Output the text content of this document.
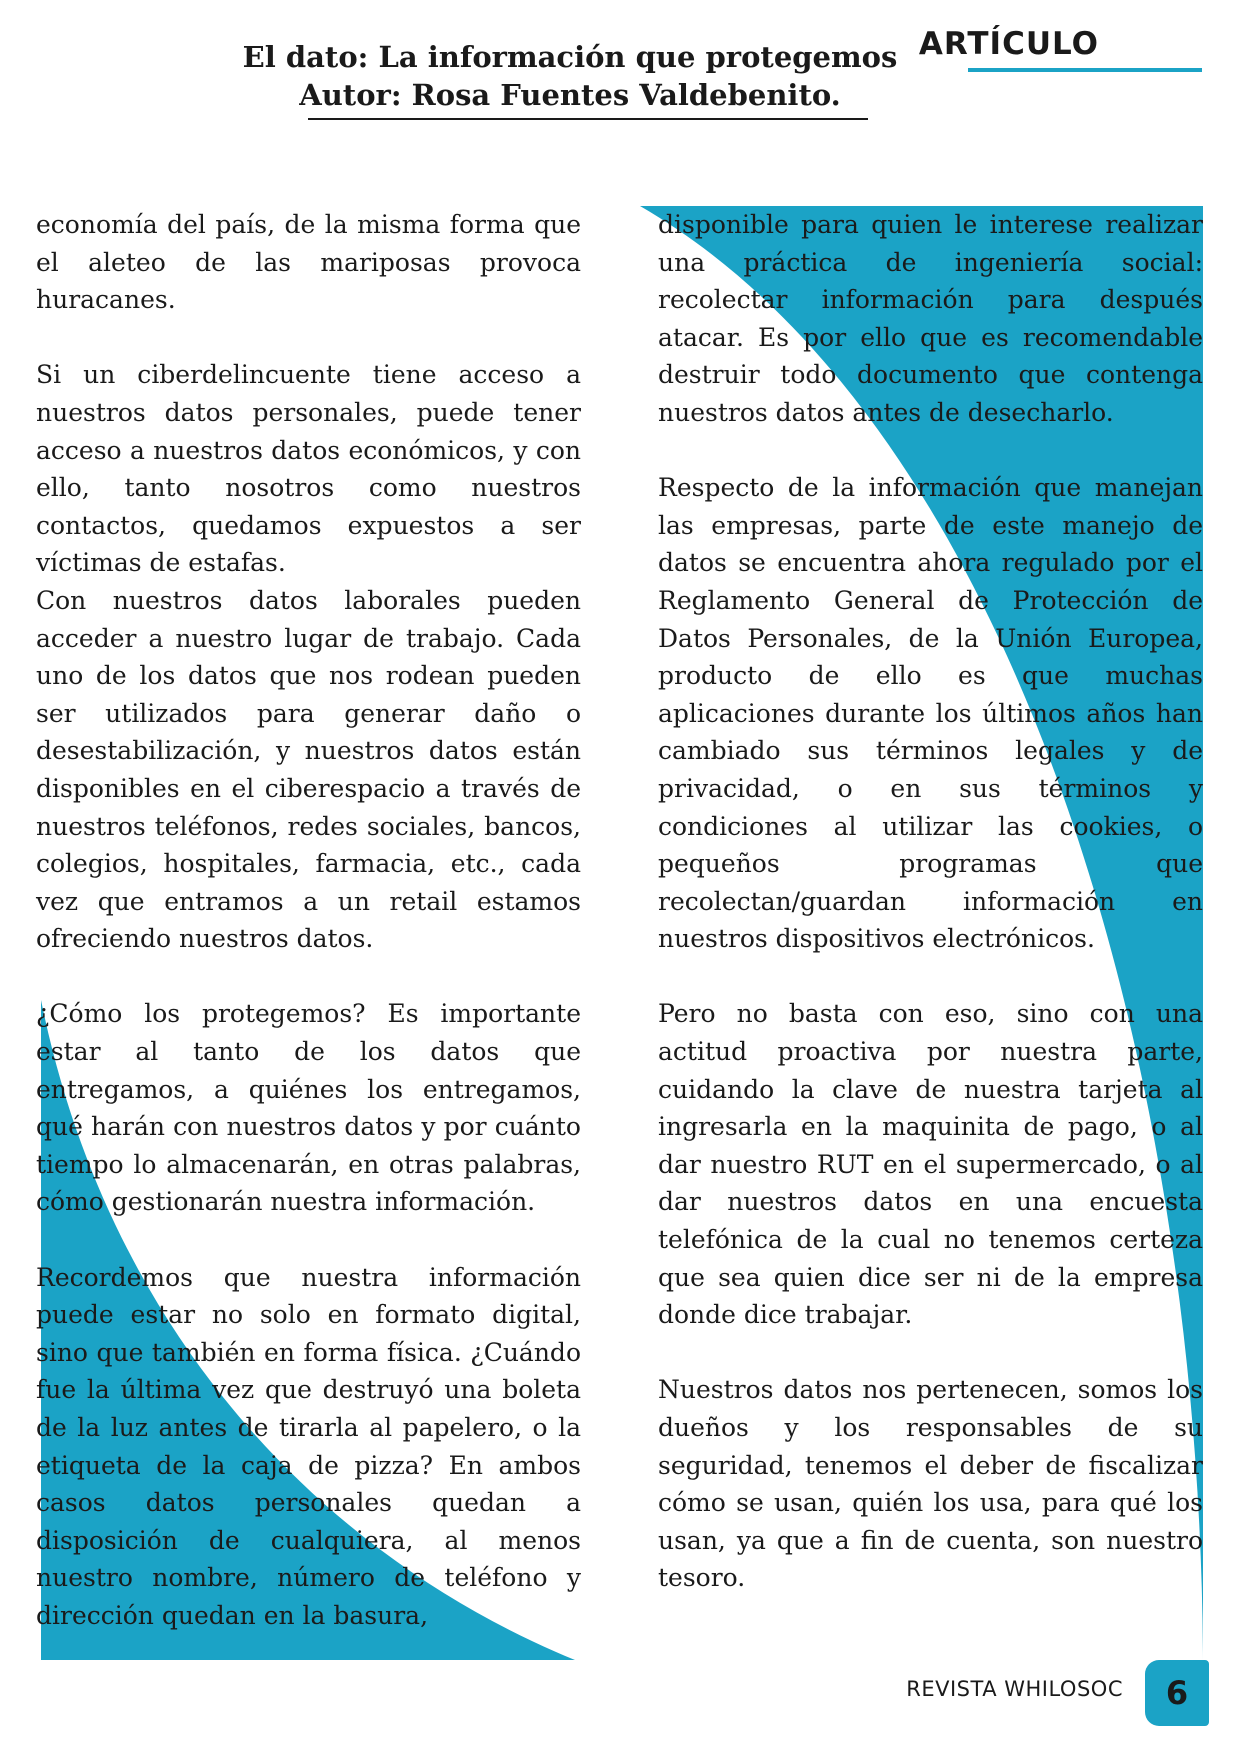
ARTÍCULO
El dato: La información que protegemos
Autor: Rosa Fuentes Valdebenito.

economía del país, de la misma forma que el aleteo de las mariposas provoca huracanes.

Si un ciberdelincuente tiene acceso a nuestros datos personales, puede tener acceso a nuestros datos económicos, y con ello, tanto nosotros como nuestros contactos, quedamos expuestos a ser víctimas de estafas.

Con nuestros datos laborales pueden acceder a nuestro lugar de trabajo. Cada uno de los datos que nos rodean pueden ser utilizados para generar daño o desestabilización, y nuestros datos están disponibles en el ciberespacio a través de nuestros teléfonos, redes sociales, bancos, colegios, hospitales, farmacia, etc., cada vez que entramos a un retail estamos ofreciendo nuestros datos.

¿Cómo los protegemos? Es importante estar al tanto de los datos que entregamos, a quiénes los entregamos, qué harán con nuestros datos y por cuánto tiempo lo almacenarán, en otras palabras, cómo gestionarán nuestra información.

Recordemos que nuestra información puede estar no solo en formato digital, sino que también en forma física. ¿Cuándo fue la última vez que destruyó una boleta de la luz antes de tirarla al papelero, o la etiqueta de la caja de pizza? En ambos casos datos personales quedan a disposición de cualquiera, al menos nuestro nombre, número de teléfono y dirección quedan en la basura,

disponible para quien le interese realizar una práctica de ingeniería social: recolectar información para después atacar. Es por ello que es recomendable destruir todo documento que contenga nuestros datos antes de desecharlo.

Respecto de la información que manejan las empresas, parte de este manejo de datos se encuentra ahora regulado por el Reglamento General de Protección de Datos Personales, de la Unión Europea, producto de ello es que muchas aplicaciones durante los últimos años han cambiado sus términos legales y de privacidad, o en sus términos y condiciones al utilizar las cookies, o pequeños programas que recolectan/guardan información en nuestros dispositivos electrónicos.

Pero no basta con eso, sino con una actitud proactiva por nuestra parte, cuidando la clave de nuestra tarjeta al ingresarla en la maquinita de pago, o al dar nuestro RUT en el supermercado, o al dar nuestros datos en una encuesta telefónica de la cual no tenemos certeza que sea quien dice ser ni de la empresa donde dice trabajar.

Nuestros datos nos pertenecen, somos los dueños y los responsables de su seguridad, tenemos el deber de fiscalizar cómo se usan, quién los usa, para qué los usan, ya que a fin de cuenta, son nuestro tesoro.

REVISTA WHILOSOC 6
